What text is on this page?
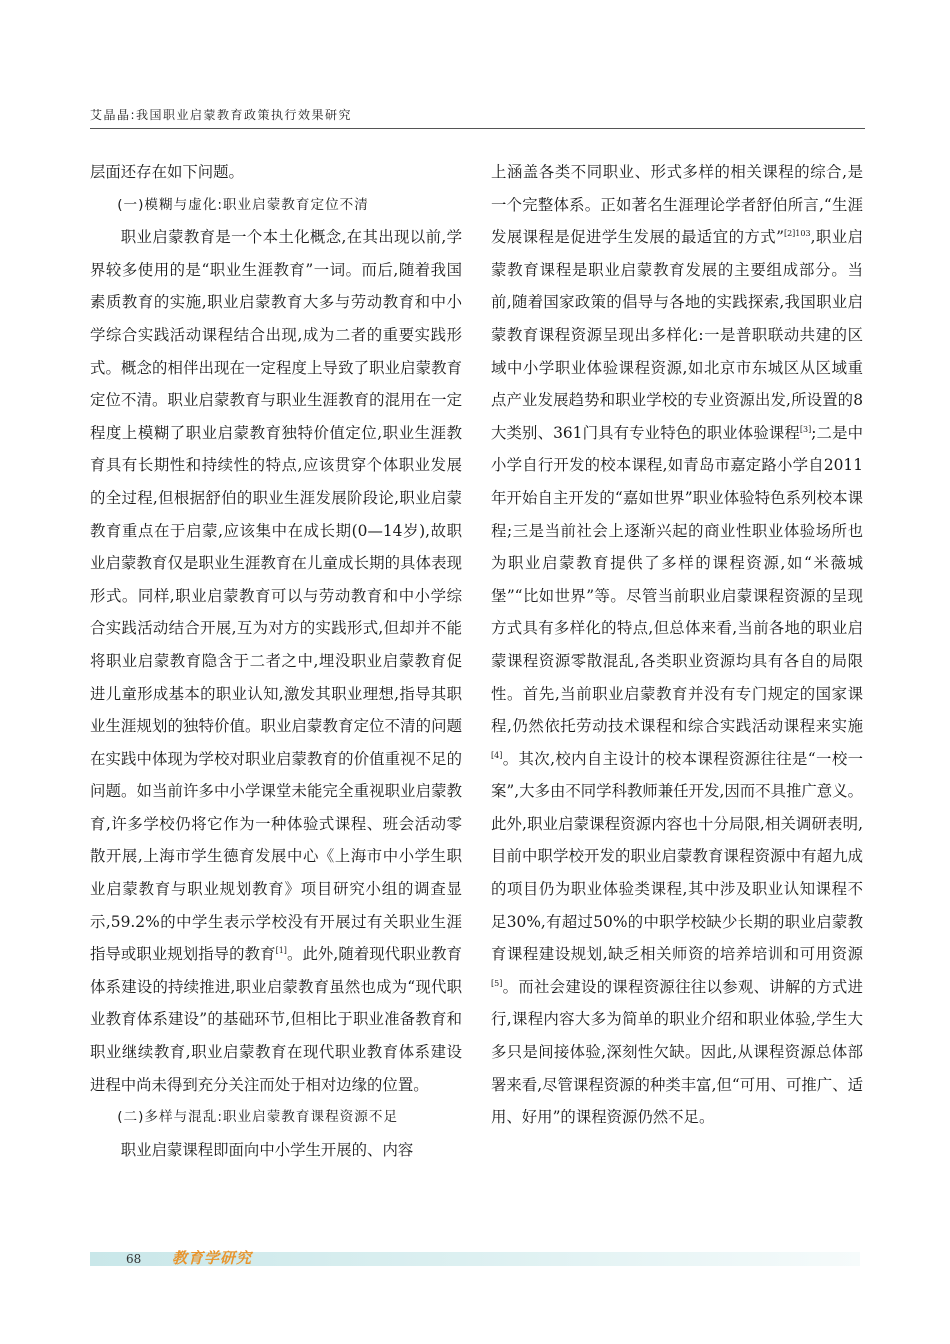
艾晶晶:我国职业启蒙教育政策执行效果研究

层面还存在如下问题。

(一)模糊与虚化:职业启蒙教育定位不清

职业启蒙教育是一个本土化概念,在其出现以前,学界较多使用的是“职业生涯教育”一词。而后,随着我国素质教育的实施,职业启蒙教育大多与劳动教育和中小学综合实践活动课程结合出现,成为二者的重要实践形式。概念的相伴出现在一定程度上导致了职业启蒙教育定位不清。职业启蒙教育与职业生涯教育的混用在一定程度上模糊了职业启蒙教育独特价值定位,职业生涯教育具有长期性和持续性的特点,应该贯穿个体职业发展的全过程,但根据舒伯的职业生涯发展阶段论,职业启蒙教育重点在于启蒙,应该集中在成长期(0—14岁),故职业启蒙教育仅是职业生涯教育在儿童成长期的具体表现形式。同样,职业启蒙教育可以与劳动教育和中小学综合实践活动结合开展,互为对方的实践形式,但却并不能将职业启蒙教育隐含于二者之中,埋没职业启蒙教育促进儿童形成基本的职业认知,激发其职业理想,指导其职业生涯规划的独特价值。职业启蒙教育定位不清的问题在实践中体现为学校对职业启蒙教育的价值重视不足的问题。如当前许多中小学课堂未能完全重视职业启蒙教育,许多学校仍将它作为一种体验式课程、班会活动零散开展,上海市学生德育发展中心《上海市中小学生职业启蒙教育与职业规划教育》项目研究小组的调查显示,59.2%的中学生表示学校没有开展过有关职业生涯指导或职业规划指导的教育[1]。此外,随着现代职业教育体系建设的持续推进,职业启蒙教育虽然也成为“现代职业教育体系建设”的基础环节,但相比于职业准备教育和职业继续教育,职业启蒙教育在现代职业教育体系建设进程中尚未得到充分关注而处于相对边缘的位置。

(二)多样与混乱:职业启蒙教育课程资源不足

职业启蒙课程即面向中小学生开展的、内容

上涵盖各类不同职业、形式多样的相关课程的综合,是一个完整体系。正如著名生涯理论学者舒伯所言,“生涯发展课程是促进学生发展的最适宜的方式”$^{[2]103}$,职业启蒙教育课程是职业启蒙教育发展的主要组成部分。当前,随着国家政策的倡导与各地的实践探索,我国职业启蒙教育课程资源呈现出多样化:一是普职联动共建的区域中小学职业体验课程资源,如北京市东城区从区域重点产业发展趋势和职业学校的专业资源出发,所设置的8大类别、361门具有专业特色的职业体验课程[3];二是中小学自行开发的校本课程,如青岛市嘉定路小学自2011年开始自主开发的“嘉如世界”职业体验特色系列校本课程;三是当前社会上逐渐兴起的商业性职业体验场所也为职业启蒙教育提供了多样的课程资源,如“米薇城堡”“比如世界”等。尽管当前职业启蒙课程资源的呈现方式具有多样化的特点,但总体来看,当前各地的职业启蒙课程资源零散混乱,各类职业资源均具有各自的局限性。首先,当前职业启蒙教育并没有专门规定的国家课程,仍然依托劳动技术课程和综合实践活动课程来实施[4]。其次,校内自主设计的校本课程资源往往是“一校一案”,大多由不同学科教师兼任开发,因而不具推广意义。此外,职业启蒙课程资源内容也十分局限,相关调研表明,目前中职学校开发的职业启蒙教育课程资源中有超九成的项目仍为职业体验类课程,其中涉及职业认知课程不足30%,有超过50%的中职学校缺少长期的职业启蒙教育课程建设规划,缺乏相关师资的培养培训和可用资源[5]。而社会建设的课程资源往往以参观、讲解的方式进行,课程内容大多为简单的职业介绍和职业体验,学生大多只是间接体验,深刻性欠缺。因此,从课程资源总体部署来看,尽管课程资源的种类丰富,但“可用、可推广、适用、好用”的课程资源仍然不足。

68 教育学研究
